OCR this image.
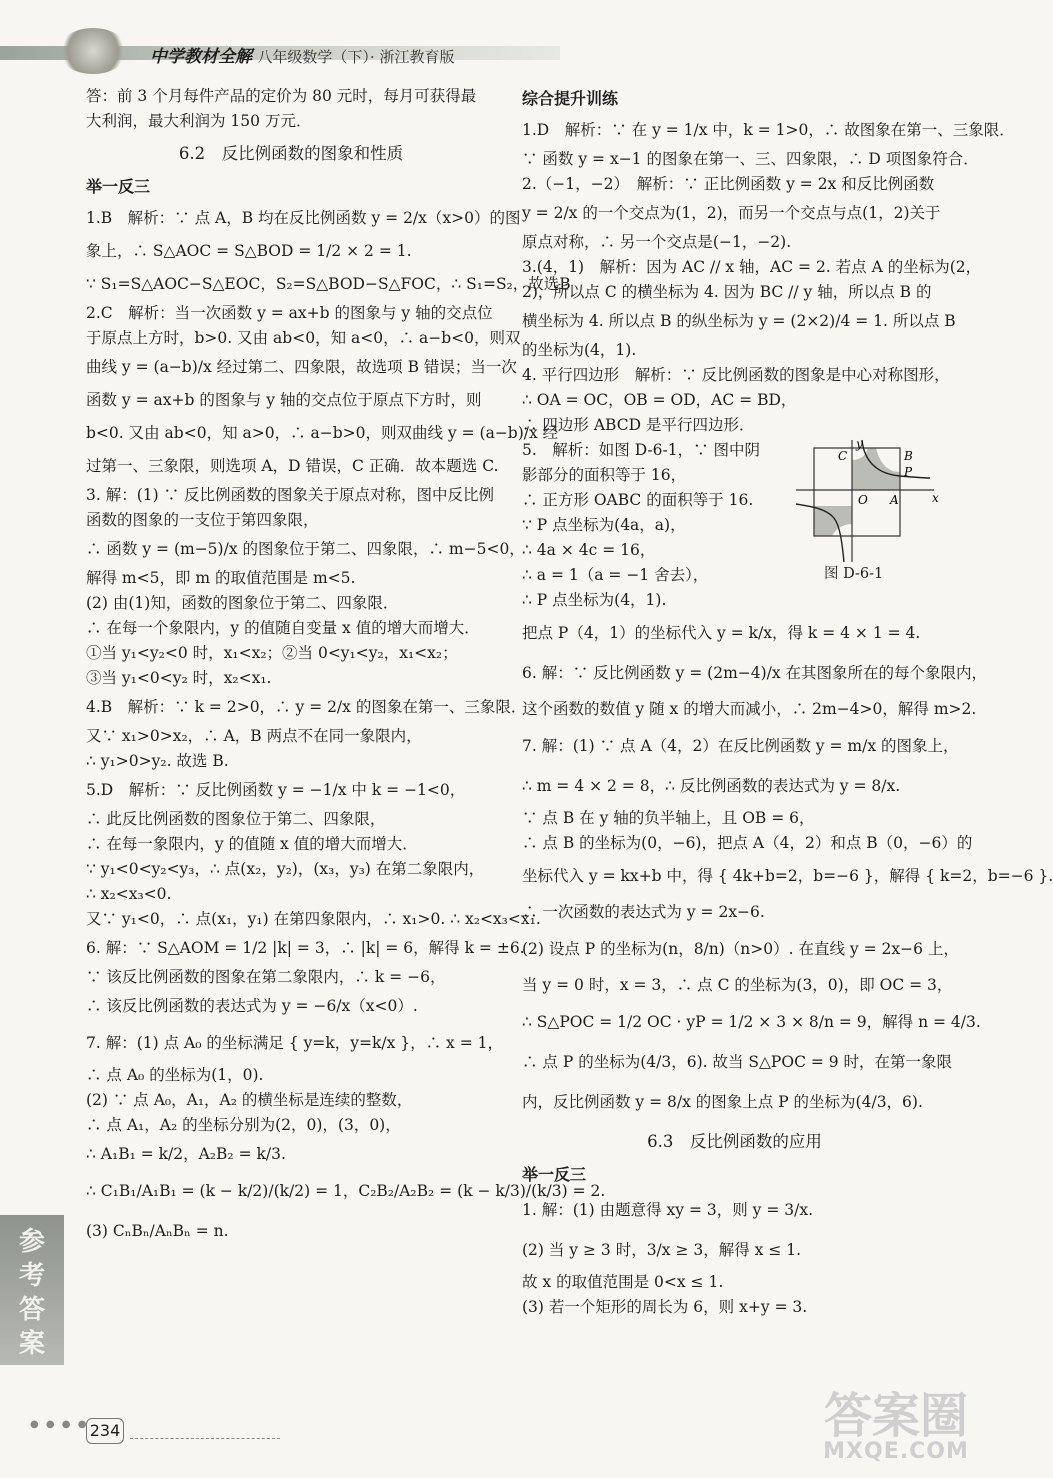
中学教材全解 八年级数学（下）· 浙江教育版
答：前 3 个月每件产品的定价为 80 元时，每月可获得最
大利润，最大利润为 150 万元．
6.2　反比例函数的图象和性质
举一反三
1.B　解析：∵ 点 A，B 均在反比例函数 y = 2/x（x>0）的图
象上，∴ S△AOC = S△BOD = 1/2 × 2 = 1.
∵ S₁=S△AOC−S△EOC，S₂=S△BOD−S△FOC，∴ S₁=S₂，故选B
2.C　解析：当一次函数 y = ax+b 的图象与 y 轴的交点位
于原点上方时，b>0. 又由 ab<0，知 a<0，∴ a−b<0，则双
曲线 y = (a−b)/x 经过第二、四象限，故选项 B 错误；当一次
函数 y = ax+b 的图象与 y 轴的交点位于原点下方时，则
b<0. 又由 ab<0，知 a>0，∴ a−b>0，则双曲线 y = (a−b)/x 经
过第一、三象限，则选项 A，D 错误，C 正确．故本题选 C.
3. 解：(1) ∵ 反比例函数的图象关于原点对称，图中反比例
函数的图象的一支位于第四象限，
∴ 函数 y = (m−5)/x 的图象位于第二、四象限，∴ m−5<0，
解得 m<5，即 m 的取值范围是 m<5.
(2) 由(1)知，函数的图象位于第二、四象限．
∴ 在每一个象限内，y 的值随自变量 x 值的增大而增大．
①当 y₁<y₂<0 时，x₁<x₂；②当 0<y₁<y₂，x₁<x₂；
③当 y₁<0<y₂ 时，x₂<x₁.
4.B　解析：∵ k = 2>0，∴ y = 2/x 的图象在第一、三象限．
又∵ x₁>0>x₂，∴ A，B 两点不在同一象限内，
∴ y₁>0>y₂. 故选 B.
5.D　解析：∵ 反比例函数 y = −1/x 中 k = −1<0，
∴ 此反比例函数的图象位于第二、四象限，
∴ 在每一象限内，y 的值随 x 值的增大而增大．
∵ y₁<0<y₂<y₃，∴ 点(x₂，y₂)，(x₃，y₃) 在第二象限内，
∴ x₂<x₃<0.
又∵ y₁<0，∴ 点(x₁，y₁) 在第四象限内，∴ x₁>0. ∴ x₂<x₃<x₁.
6. 解：∵ S△AOM = 1/2 |k| = 3，∴ |k| = 6，解得 k = ±6.
∵ 该反比例函数的图象在第二象限内，∴ k = −6，
∴ 该反比例函数的表达式为 y = −6/x（x<0）.
7. 解：(1) 点 A₀ 的坐标满足 { y=k，y=k/x }，∴ x = 1，
∴ 点 A₀ 的坐标为(1，0).
(2) ∵ 点 A₀，A₁，A₂ 的横坐标是连续的整数，
∴ 点 A₁，A₂ 的坐标分别为(2，0)，(3，0)，
∴ A₁B₁ = k/2，A₂B₂ = k/3.
∴ C₁B₁/A₁B₁ = (k − k/2)/(k/2) = 1，C₂B₂/A₂B₂ = (k − k/3)/(k/3) = 2.
(3) CₙBₙ/AₙBₙ = n.
综合提升训练
1.D　解析：∵ 在 y = 1/x 中，k = 1>0，∴ 故图象在第一、三象限．
∵ 函数 y = x−1 的图象在第一、三、四象限，∴ D 项图象符合．
2.（−1，−2）　解析：∵ 正比例函数 y = 2x 和反比例函数
y = 2/x 的一个交点为(1，2)，而另一个交点与点(1，2)关于
原点对称，∴ 另一个交点是(−1，−2).
3.(4，1)　解析：因为 AC // x 轴，AC = 2. 若点 A 的坐标为(2，
2)，所以点 C 的横坐标为 4. 因为 BC // y 轴，所以点 B 的
横坐标为 4. 所以点 B 的纵坐标为 y = (2×2)/4 = 1. 所以点 B
的坐标为(4，1).
4. 平行四边形　解析：∵ 反比例函数的图象是中心对称图形，
∴ OA = OC，OB = OD，AC = BD，
∴ 四边形 ABCD 是平行四边形．
5.　解析：如图 D-6-1，∵ 图中阴
影部分的面积等于 16，
∴ 正方形 OABC 的面积等于 16.
∵ P 点坐标为(4a，a)，
∴ 4a × 4c = 16，
∴ a = 1（a = −1 舍去），
y
x
C	B
P
O A
图 D-6-1
∴ P 点坐标为(4，1).
把点 P（4，1）的坐标代入 y = k/x，得 k = 4 × 1 = 4.
6. 解：∵ 反比例函数 y = (2m−4)/x 在其图象所在的每个象限内，
这个函数的数值 y 随 x 的增大而减小，∴ 2m−4>0，解得 m>2.
7. 解：(1) ∵ 点 A（4，2）在反比例函数 y = m/x 的图象上，
∴ m = 4 × 2 = 8，∴ 反比例函数的表达式为 y = 8/x.
∵ 点 B 在 y 轴的负半轴上，且 OB = 6，
∴ 点 B 的坐标为(0，−6)，把点 A（4，2）和点 B（0，−6）的
坐标代入 y = kx+b 中，得 { 4k+b=2，b=−6 }，解得 { k=2，b=−6 }.
∴ 一次函数的表达式为 y = 2x−6.
(2) 设点 P 的坐标为(n，8/n)（n>0）. 在直线 y = 2x−6 上，
当 y = 0 时，x = 3，∴ 点 C 的坐标为(3，0)，即 OC = 3，
∴ S△POC = 1/2 OC · yP = 1/2 × 3 × 8/n = 9，解得 n = 4/3.
∴ 点 P 的坐标为(4/3，6). 故当 S△POC = 9 时，在第一象限
内，反比例函数 y = 8/x 的图象上点 P 的坐标为(4/3，6).
6.3　反比例函数的应用
举一反三
1. 解：(1) 由题意得 xy = 3，则 y = 3/x.
(2) 当 y ≥ 3 时，3/x ≥ 3，解得 x ≤ 1.
故 x 的取值范围是 0<x ≤ 1.
(3) 若一个矩形的周长为 6，则 x+y = 3.
参考答案
● ● ● ● 234	答案圈
MXQE.COM
